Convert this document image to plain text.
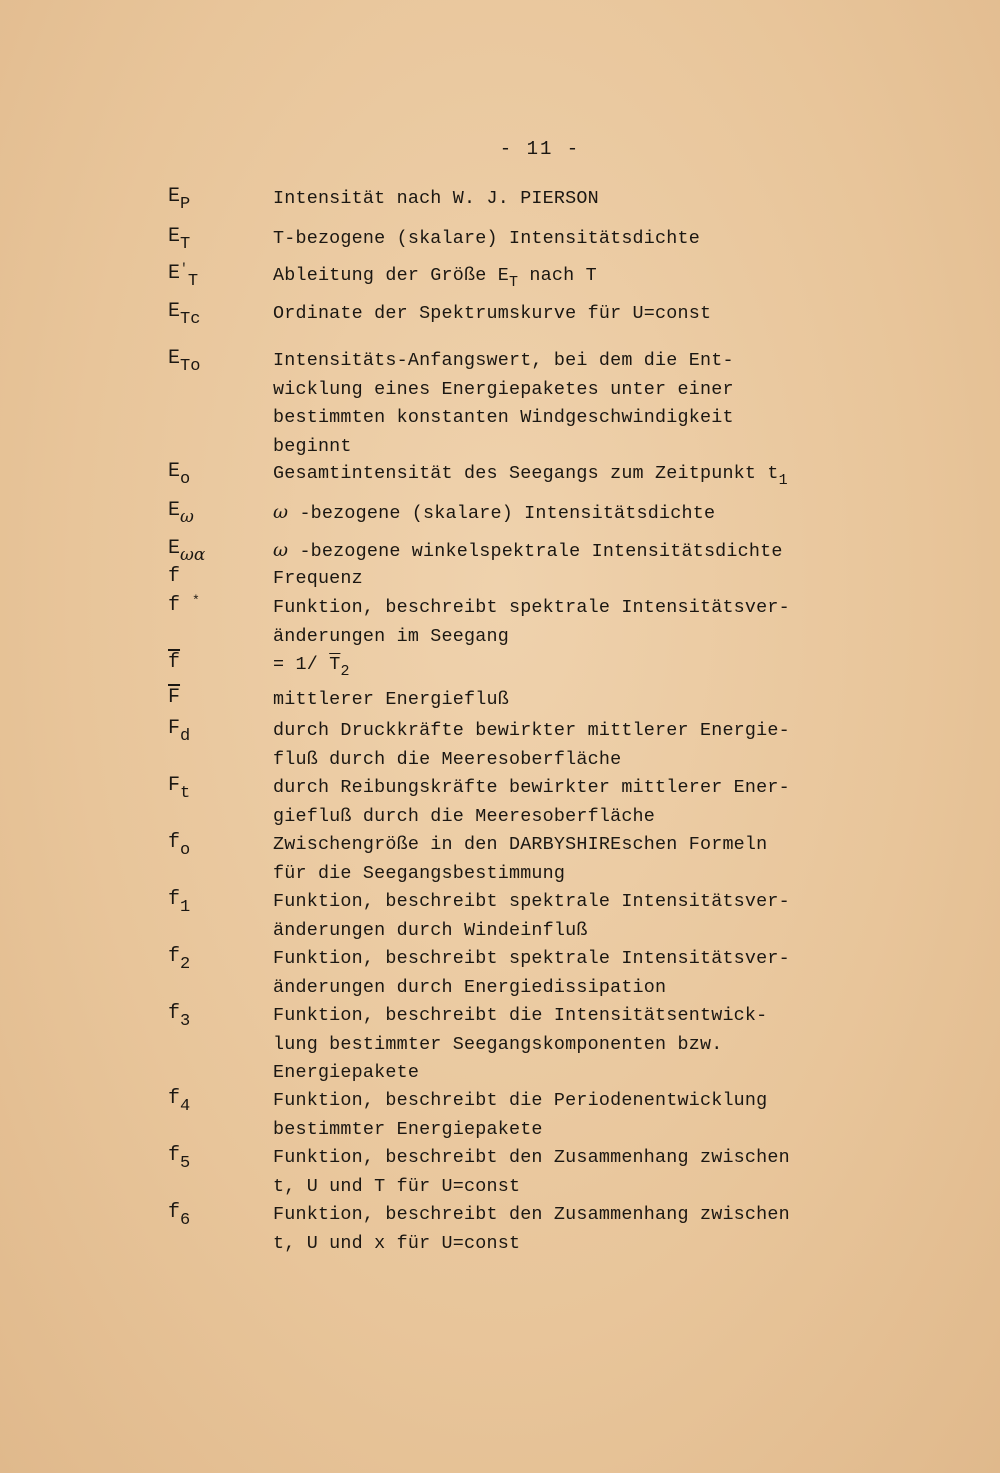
- 11 -
$E_P$	Intensität nach W. J. PIERSON
$E_T$	T-bezogene (skalare) Intensitätsdichte
$E'_T$	Ableitung der Größe $E_T$ nach T
$E_{Tc}$	Ordinate der Spektrumskurve für U=const
$E_{To}$	Intensitäts-Anfangswert, bei dem die Ent-
wicklung eines Energiepaketes unter einer
bestimmten konstanten Windgeschwindigkeit
beginnt
$E_o$	Gesamtintensität des Seegangs zum Zeitpunkt $t_1$
$E_\omega$	ω -bezogene (skalare) Intensitätsdichte
$E_{\omega\alpha}$	ω -bezogene winkelspektrale Intensitätsdichte
f	Frequenz
f *	Funktion, beschreibt spektrale Intensitätsver-
änderungen im Seegang
$\overline{f}$	= 1/ $\overline{T}_2$
$\overline{F}$	mittlerer Energiefluß
$F_d$	durch Druckkräfte bewirkter mittlerer Energie-
fluß durch die Meeresoberfläche
$F_t$	durch Reibungskräfte bewirkter mittlerer Ener-
giefluß durch die Meeresoberfläche
$f_o$	Zwischengröße in den DARBYSHIREschen Formeln
für die Seegangsbestimmung
$f_1$	Funktion, beschreibt spektrale Intensitätsver-
änderungen durch Windeinfluß
$f_2$	Funktion, beschreibt spektrale Intensitätsver-
änderungen durch Energiedissipation
$f_3$	Funktion, beschreibt die Intensitätsentwick-
lung bestimmter Seegangskomponenten bzw.
Energiepakete
$f_4$	Funktion, beschreibt die Periodenentwicklung
bestimmter Energiepakete
$f_5$	Funktion, beschreibt den Zusammenhang zwischen
t, U und T für U=const
$f_6$	Funktion, beschreibt den Zusammenhang zwischen
t, U und x für U=const
